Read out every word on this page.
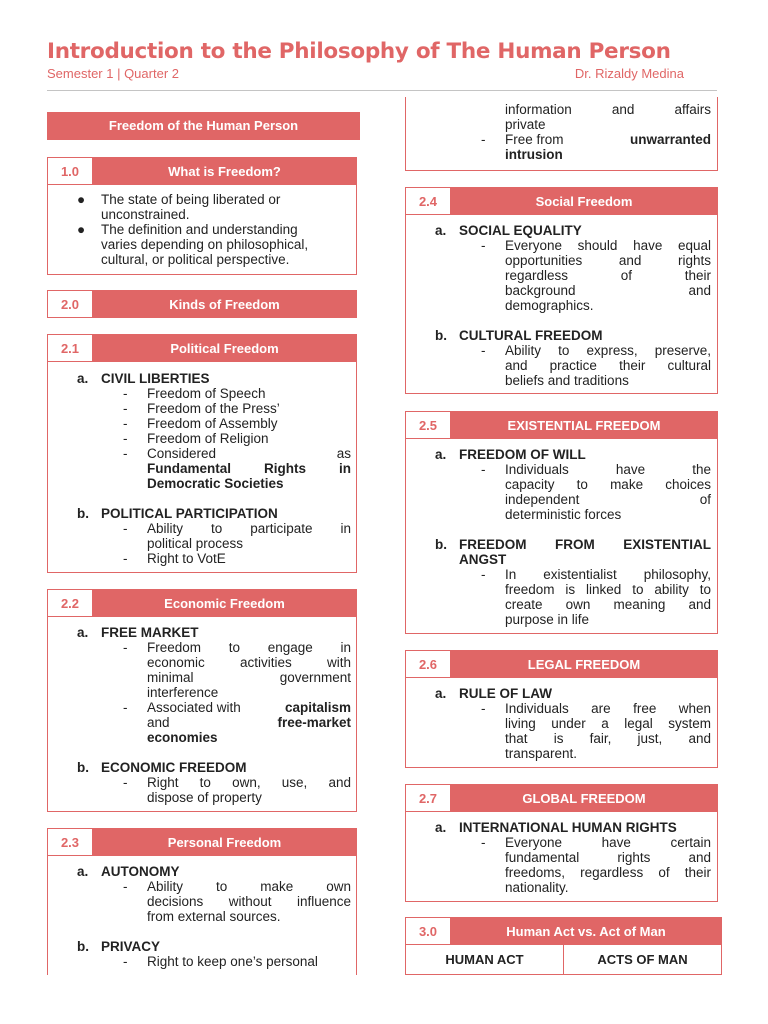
Introduction to the Philosophy of The Human Person
Semester 1 | Quarter 2	Dr. Rizaldy Medina
Freedom of the Human Person
1.0	What is Freedom?
●	The state of being liberated or
unconstrained.
●	The definition and understanding
varies depending on philosophical,
cultural, or political perspective.
2.0	Kinds of Freedom
2.1	Political Freedom
a. CIVIL LIBERTIES
-	Freedom of Speech
-	Freedom of the Press’
-	Freedom of Assembly
-	Freedom of Religion
-	Considered as
Fundamental Rights in
Democratic Societies
b. POLITICAL PARTICIPATION
-	Ability to participate in
political process
-	Right to VotE
2.2	Economic Freedom
a. FREE MARKET
-	Freedom to engage in
economic activities with
minimal government
interference
-	Associated with	capitalism
and	free-market
economies
b. ECONOMIC FREEDOM
-	Right to own, use, and
dispose of property
2.3	Personal Freedom
a. AUTONOMY
-	Ability to make own
decisions without influence
from external sources.
b. PRIVACY
-	Right to keep one’s personal
information and affairs
private
-	Free from	unwarranted
intrusion
2.4	Social Freedom
a. SOCIAL EQUALITY
-	Everyone should have equal
opportunities and rights
regardless of their
background and
demographics.
b. CULTURAL FREEDOM
-	Ability to express, preserve,
and practice their cultural
beliefs and traditions
2.5	EXISTENTIAL FREEDOM
a. FREEDOM OF WILL
-	Individuals have the
capacity to make choices
independent of
deterministic forces
b. FREEDOM FROM EXISTENTIAL
ANGST
-	In existentialist philosophy,
freedom is linked to ability to
create own meaning and
purpose in life
2.6	LEGAL FREEDOM
a. RULE OF LAW
-	Individuals are free when
living under a legal system
that is fair, just, and
transparent.
2.7	GLOBAL FREEDOM
a. INTERNATIONAL HUMAN RIGHTS
-	Everyone have certain
fundamental rights and
freedoms, regardless of their
nationality.
3.0	Human Act vs. Act of Man
HUMAN ACT	ACTS OF MAN
